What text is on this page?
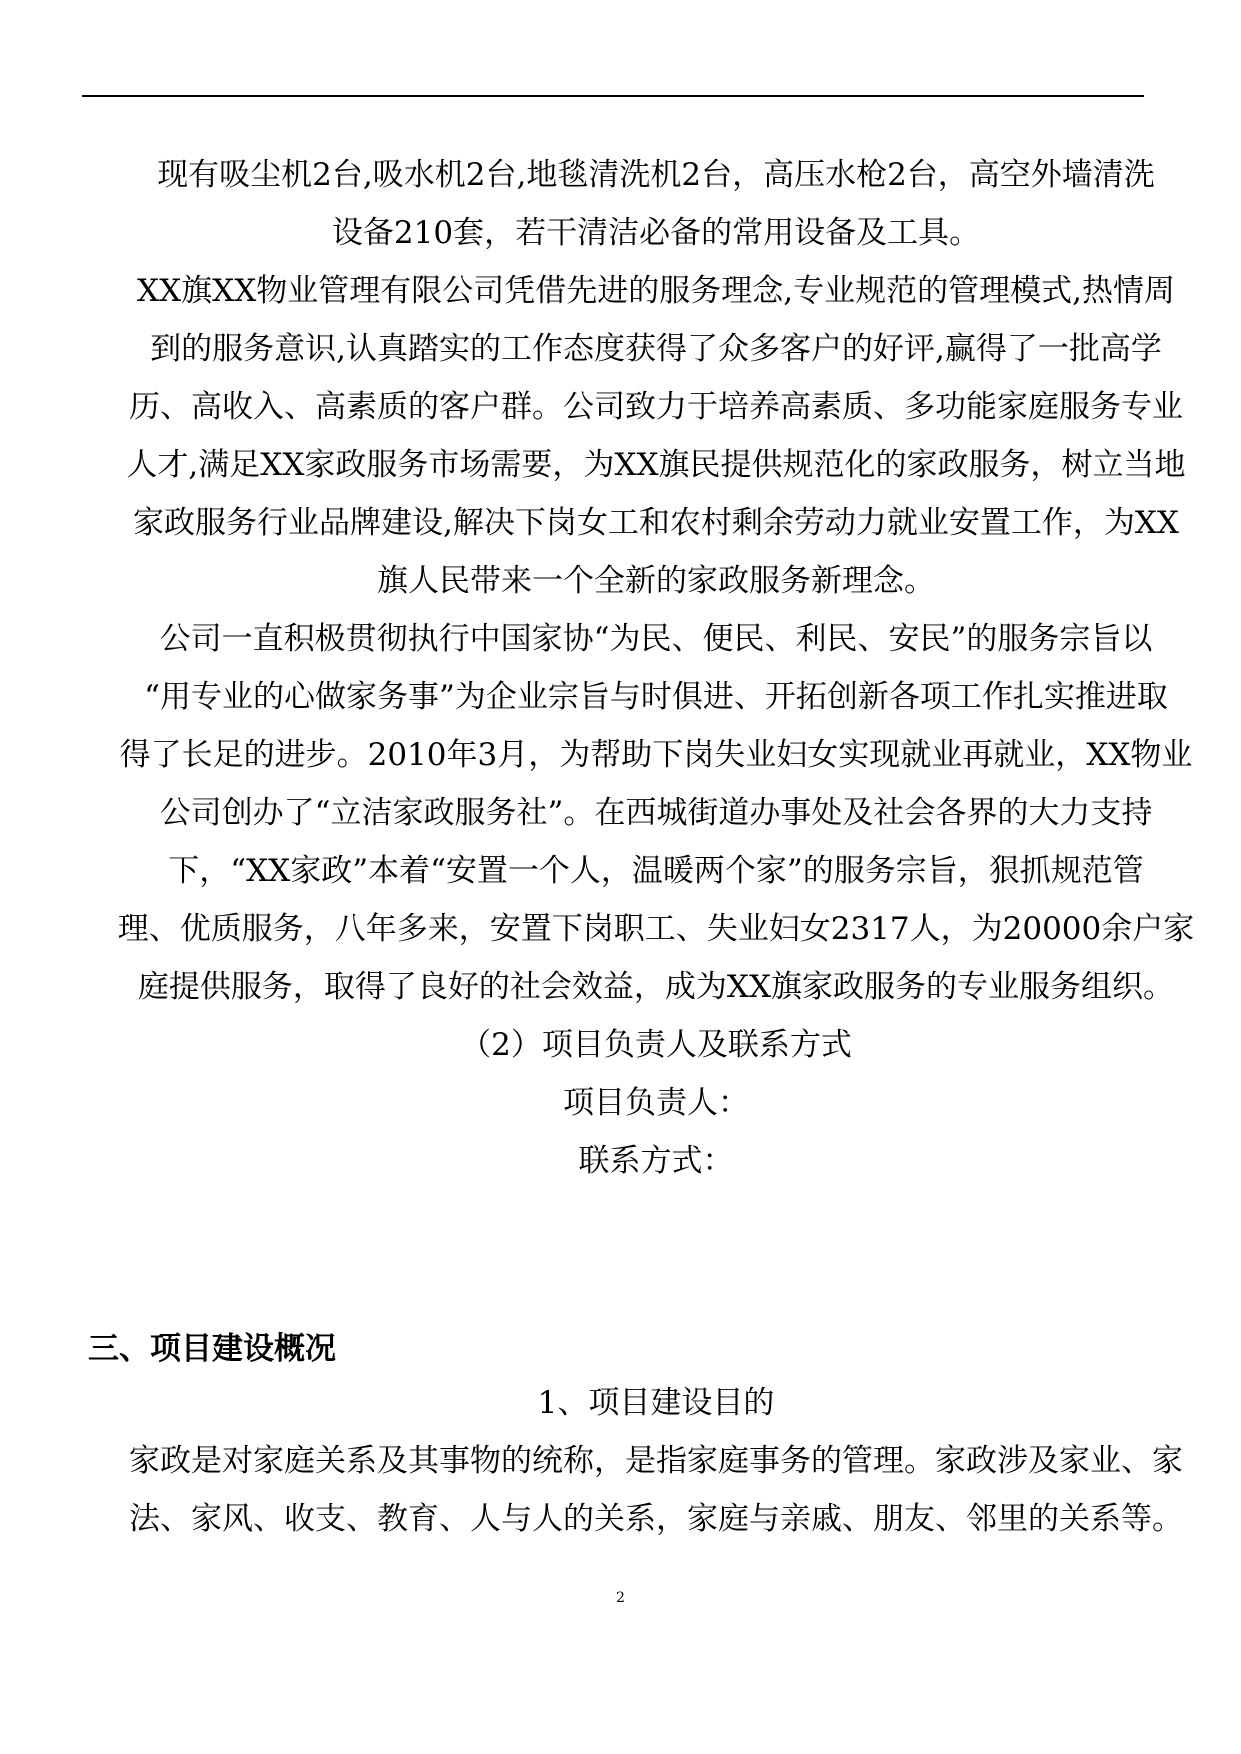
现有吸尘机2台,吸水机2台,地毯清洗机2台，高压水枪2台，高空外墙清洗
设备210套，若干清洁必备的常用设备及工具。
XX旗XX物业管理有限公司凭借先进的服务理念,专业规范的管理模式,热情周
到的服务意识,认真踏实的工作态度获得了众多客户的好评,赢得了一批高学
历、高收入、高素质的客户群。公司致力于培养高素质、多功能家庭服务专业
人才,满足XX家政服务市场需要，为XX旗民提供规范化的家政服务，树立当地
家政服务行业品牌建设,解决下岗女工和农村剩余劳动力就业安置工作，为XX
旗人民带来一个全新的家政服务新理念。
公司一直积极贯彻执行中国家协“为民、便民、利民、安民”的服务宗旨以
“用专业的心做家务事”为企业宗旨与时俱进、开拓创新各项工作扎实推进取
得了长足的进步。2010年3月，为帮助下岗失业妇女实现就业再就业，XX物业
公司创办了“立洁家政服务社”。在西城街道办事处及社会各界的大力支持
下，“XX家政”本着“安置一个人，温暖两个家”的服务宗旨，狠抓规范管
理、优质服务，八年多来，安置下岗职工、失业妇女2317人，为20000余户家
庭提供服务，取得了良好的社会效益，成为XX旗家政服务的专业服务组织。
（2）项目负责人及联系方式
项目负责人：
联系方式：
三、项目建设概况
1、项目建设目的
家政是对家庭关系及其事物的统称，是指家庭事务的管理。家政涉及家业、家
法、家风、收支、教育、人与人的关系，家庭与亲戚、朋友、邻里的关系等。
2
